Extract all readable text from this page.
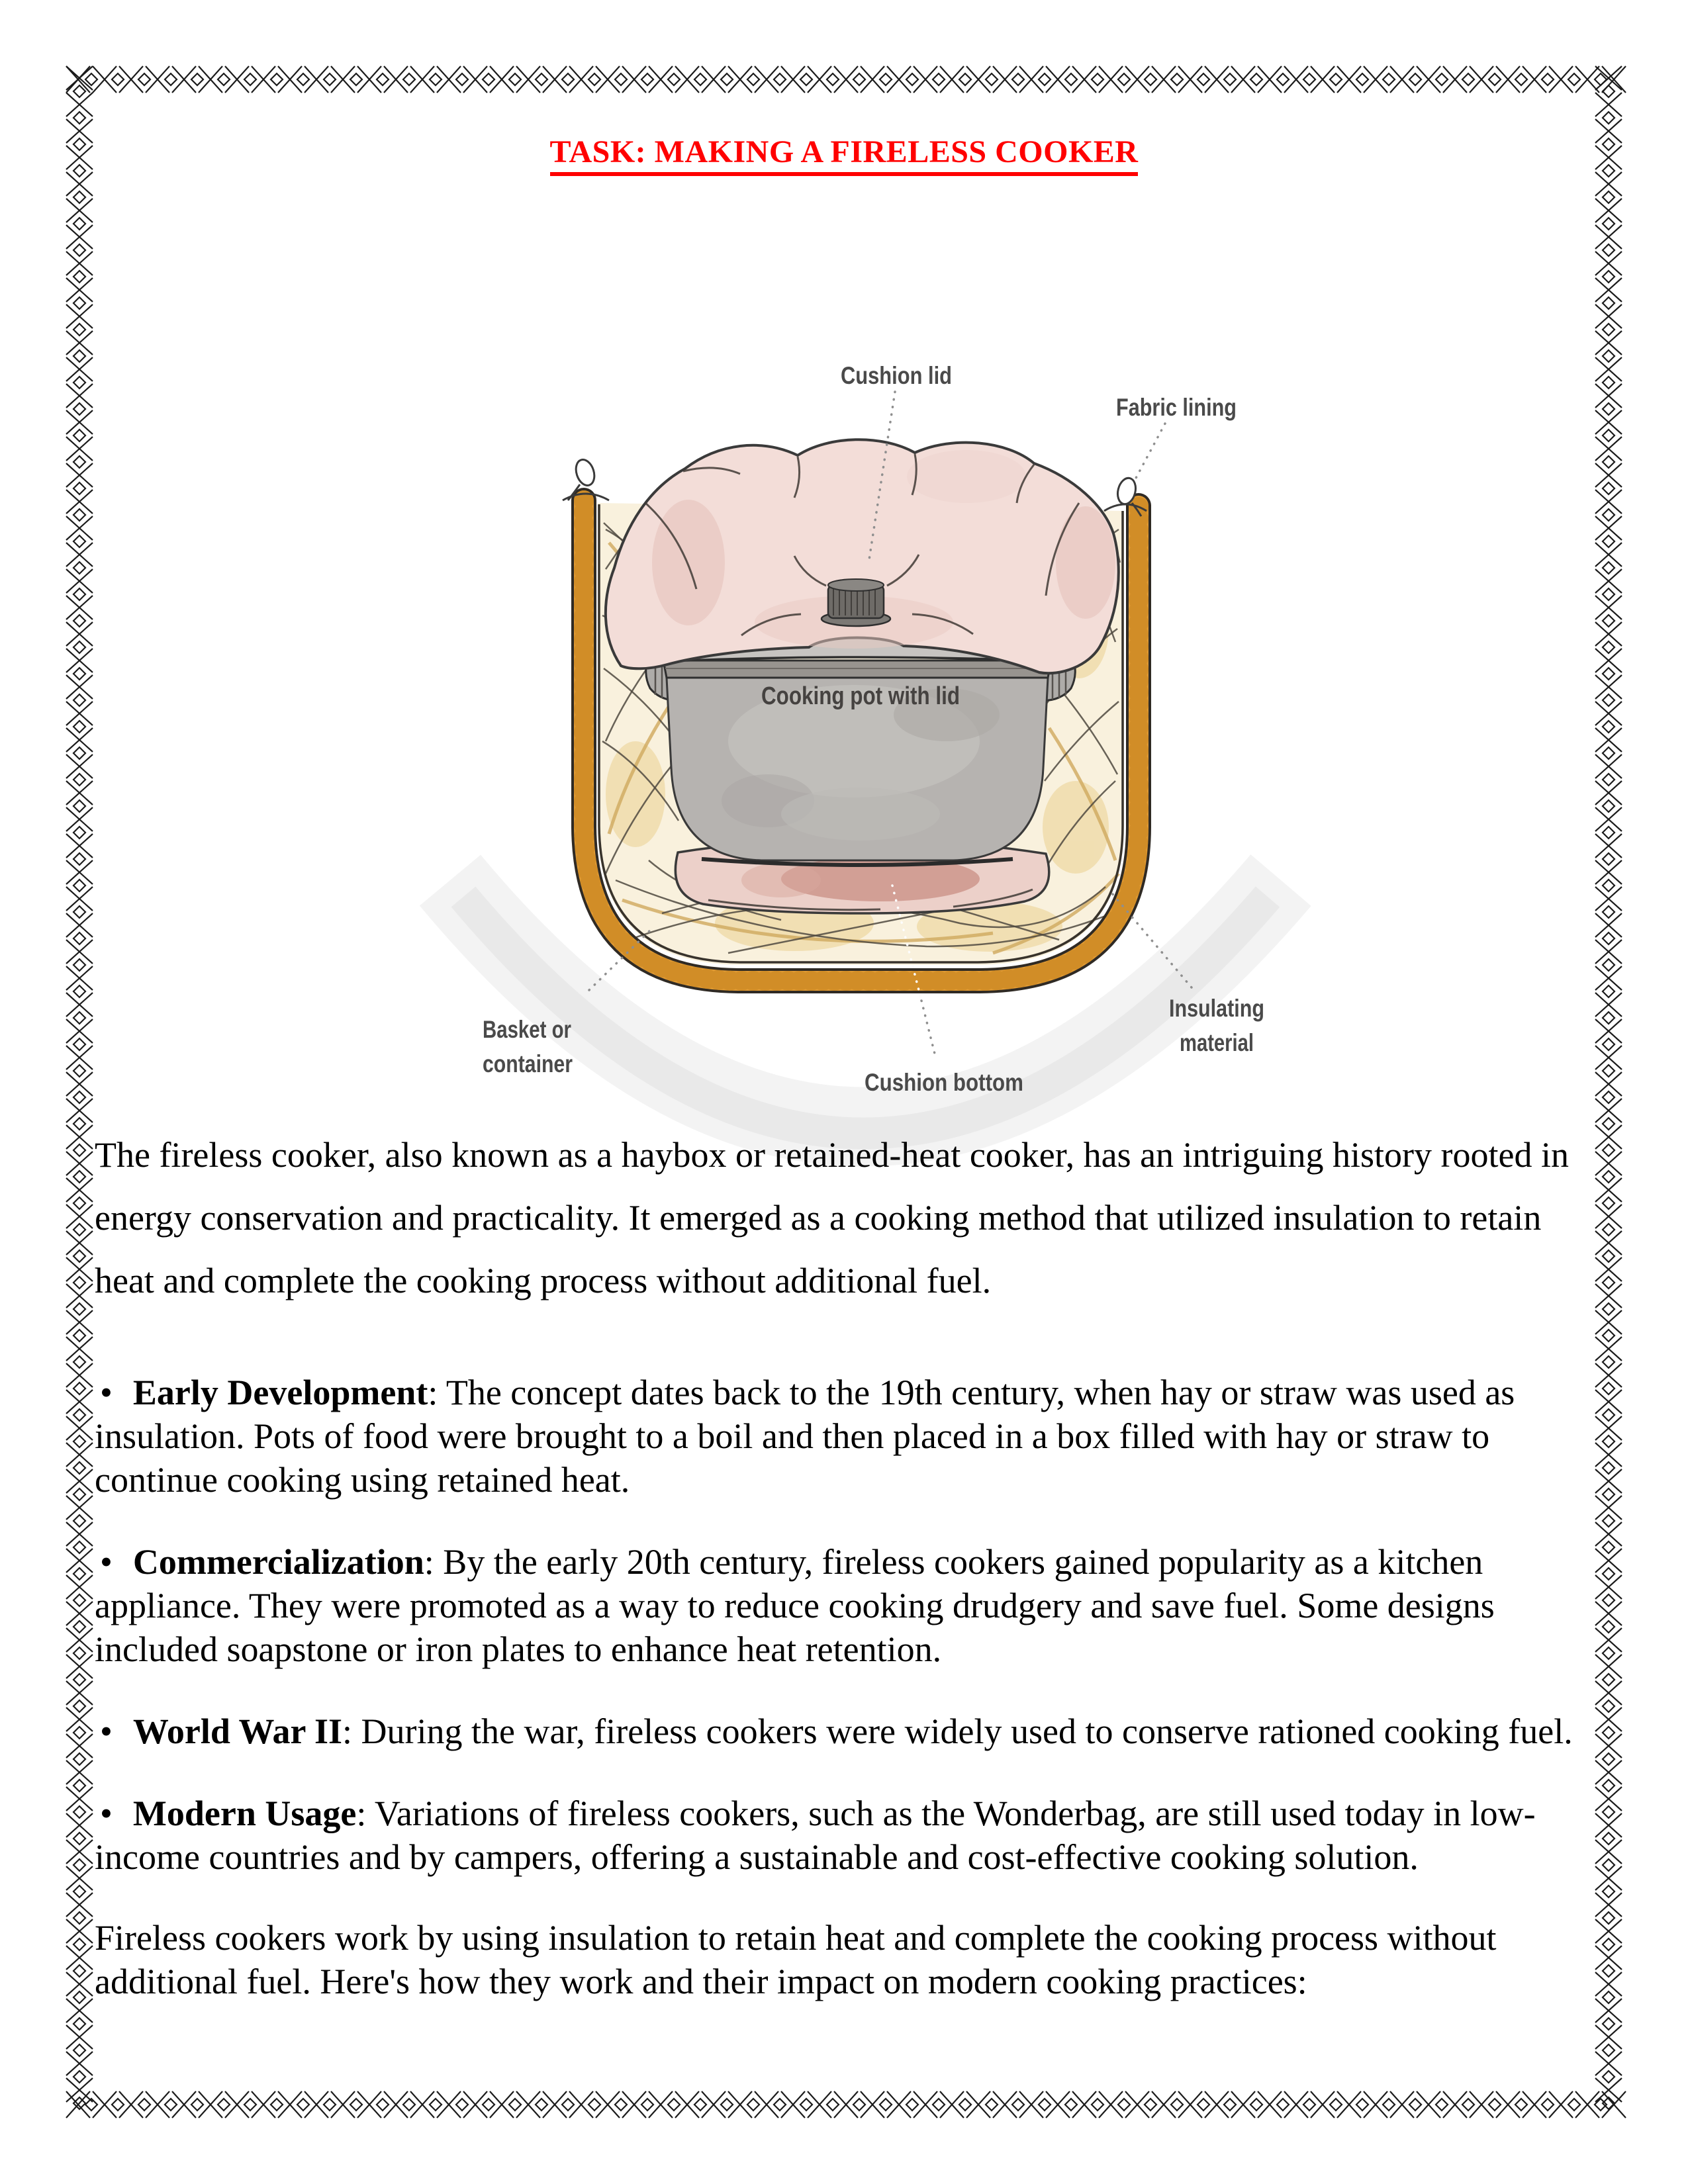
TASK: MAKING A FIRELESS COOKER
Cushion lid
Fabric lining
Cooking pot with lid
Basket or
container
Cushion bottom
Insulating
material
The fireless cooker, also known as a haybox or retained-heat cooker, has an intriguing history rooted in energy conservation and practicality. It emerged as a cooking method that utilized insulation to retain heat and complete the cooking process without additional fuel.
• Early Development: The concept dates back to the 19th century, when hay or straw was used as insulation. Pots of food were brought to a boil and then placed in a box filled with hay or straw to continue cooking using retained heat.
• Commercialization: By the early 20th century, fireless cookers gained popularity as a kitchen appliance. They were promoted as a way to reduce cooking drudgery and save fuel. Some designs included soapstone or iron plates to enhance heat retention.
• World War II: During the war, fireless cookers were widely used to conserve rationed cooking fuel.
• Modern Usage: Variations of fireless cookers, such as the Wonderbag, are still used today in low-income countries and by campers, offering a sustainable and cost-effective cooking solution.
Fireless cookers work by using insulation to retain heat and complete the cooking process without additional fuel. Here's how they work and their impact on modern cooking practices:
